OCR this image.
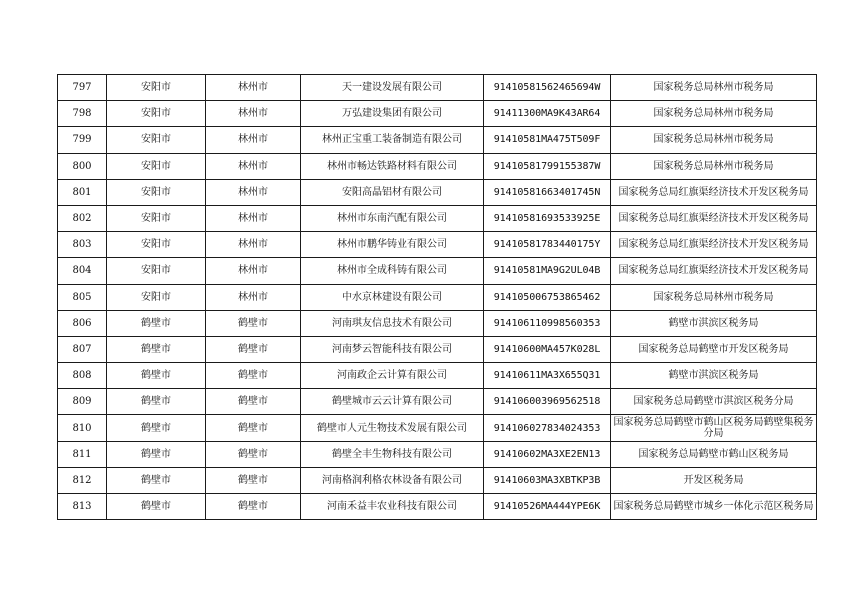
797	安阳市	林州市	天一建设发展有限公司	91410581562465694W	国家税务总局林州市税务局
798	安阳市	林州市	万弘建设集团有限公司	91411300MA9K43AR64	国家税务总局林州市税务局
799	安阳市	林州市	林州正宝重工装备制造有限公司	91410581MA475T509F	国家税务总局林州市税务局
800	安阳市	林州市	林州市畅达铁路材料有限公司	91410581799155387W	国家税务总局林州市税务局
801	安阳市	林州市	安阳高晶铝材有限公司	91410581663401745N	国家税务总局红旗渠经济技术开发区税务局
802	安阳市	林州市	林州市东南汽配有限公司	91410581693533925E	国家税务总局红旗渠经济技术开发区税务局
803	安阳市	林州市	林州市鹏华铸业有限公司	91410581783440175Y	国家税务总局红旗渠经济技术开发区税务局
804	安阳市	林州市	林州市全成科铸有限公司	91410581MA9G2UL04B	国家税务总局红旗渠经济技术开发区税务局
805	安阳市	林州市	中水京林建设有限公司	91410500675386546​2	国家税务总局林州市税务局
806	鹤壁市	鹤壁市	河南琪友信息技术有限公司	914106110998560353	鹤壁市淇滨区税务局
807	鹤壁市	鹤壁市	河南梦云智能科技有限公司	91410600MA457K028L	国家税务总局鹤壁市开发区税务局
808	鹤壁市	鹤壁市	河南政企云计算有限公司	91410611MA3X655Q31	鹤壁市淇滨区税务局
809	鹤壁市	鹤壁市	鹤壁城市云云计算有限公司	914106003969562518	国家税务总局鹤壁市淇滨区税务分局
810	鹤壁市	鹤壁市	鹤壁市人元生物技术发展有限公司	914106027834024353	国家税务总局鹤壁市鹤山区税务局鹤壁集税务分局
811	鹤壁市	鹤壁市	鹤壁全丰生物科技有限公司	91410602MA3XE2EN13	国家税务总局鹤壁市鹤山区税务局
812	鹤壁市	鹤壁市	河南格润利格农林设备有限公司	91410603MA3XBTKP3B	开发区税务局
813	鹤壁市	鹤壁市	河南禾益丰农业科技有限公司	91410526MA444YPE6K	国家税务总局鹤壁市城乡一体化示范区税务局
